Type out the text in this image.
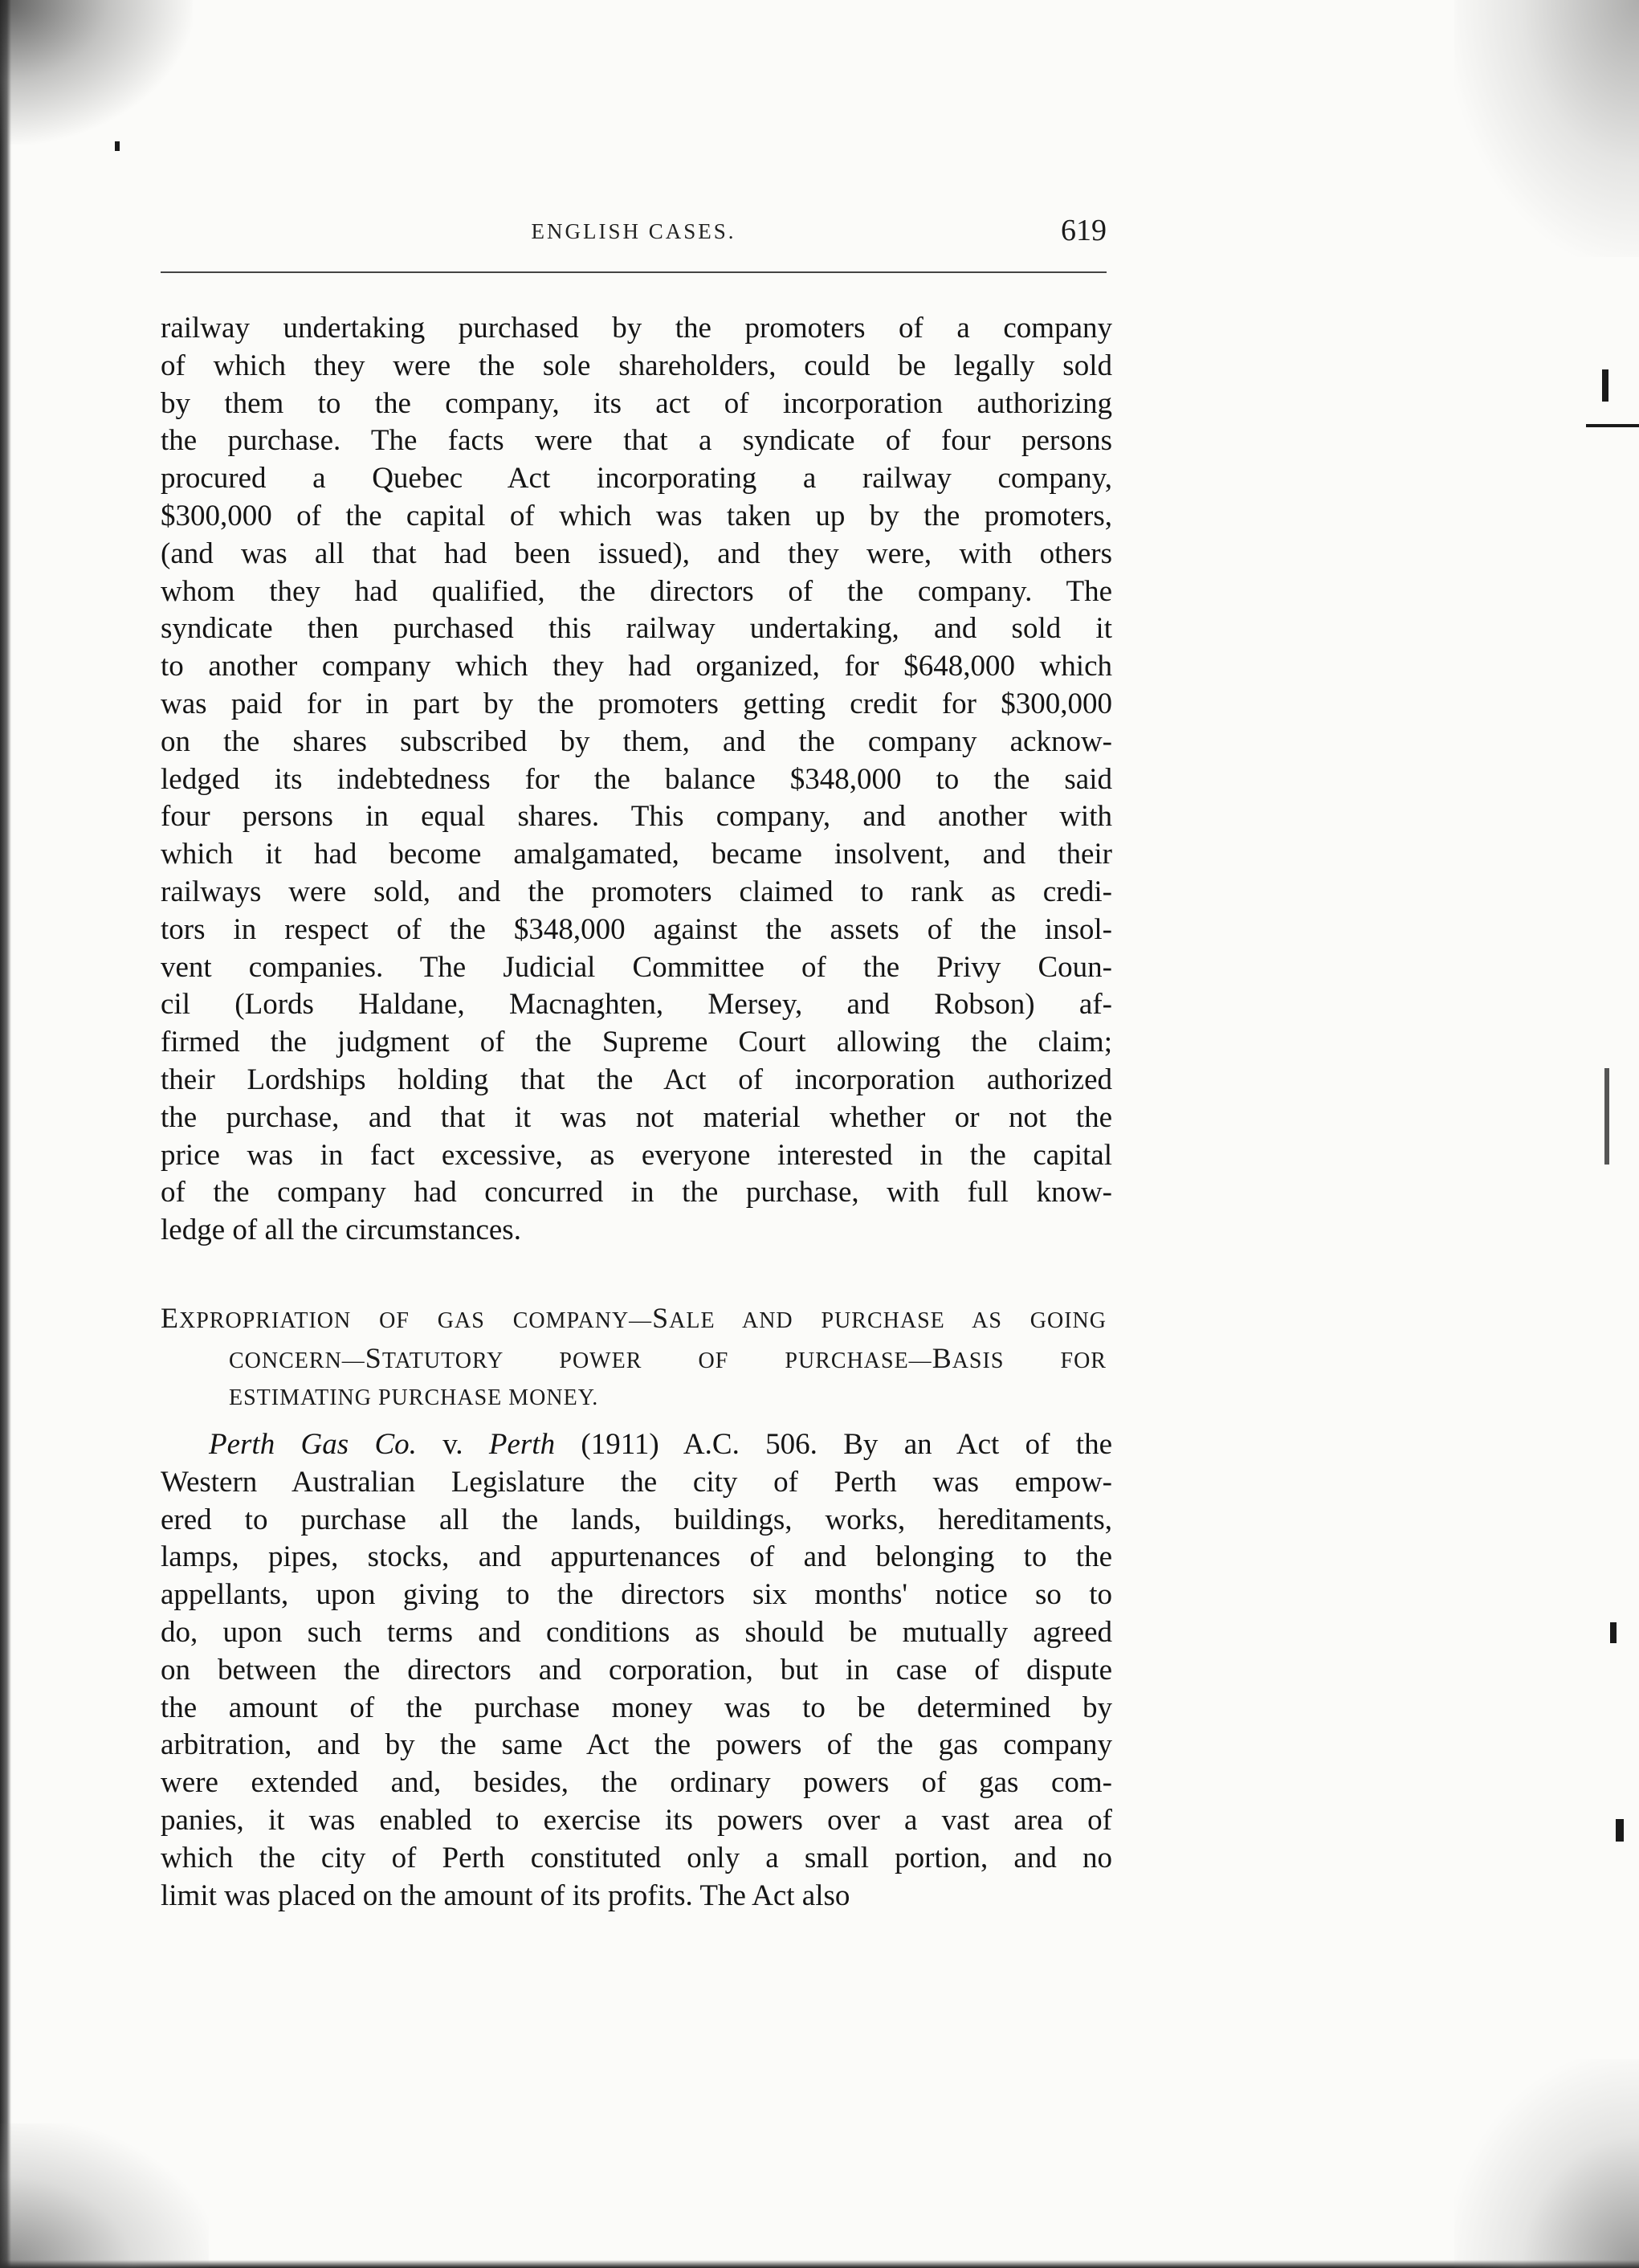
ENGLISH CASES.	619
railway undertaking purchased by the promoters of a company
of which they were the sole shareholders, could be legally sold
by them to the company, its act of incorporation authorizing
the purchase. The facts were that a syndicate of four persons
procured a Quebec Act incorporating a railway company,
$300,000 of the capital of which was taken up by the promoters,
(and was all that had been issued), and they were, with others
whom they had qualified, the directors of the company. The
syndicate then purchased this railway undertaking, and sold it
to another company which they had organized, for $648,000 which
was paid for in part by the promoters getting credit for $300,000
on the shares subscribed by them, and the company acknow-
ledged its indebtedness for the balance $348,000 to the said
four persons in equal shares. This company, and another with
which it had become amalgamated, became insolvent, and their
railways were sold, and the promoters claimed to rank as credi-
tors in respect of the $348,000 against the assets of the insol-
vent companies. The Judicial Committee of the Privy Coun-
cil (Lords Haldane, Macnaghten, Mersey, and Robson) af-
firmed the judgment of the Supreme Court allowing the claim;
their Lordships holding that the Act of incorporation authorized
the purchase, and that it was not material whether or not the
price was in fact excessive, as everyone interested in the capital
of the company had concurred in the purchase, with full know-
ledge of all the circumstances.
EXPROPRIATION OF GAS COMPANY—SALE AND PURCHASE AS GOING
CONCERN—STATUTORY POWER OF PURCHASE—BASIS FOR
ESTIMATING PURCHASE MONEY.
Perth Gas Co. v. Perth (1911) A.C. 506. By an Act of the
Western Australian Legislature the city of Perth was empow-
ered to purchase all the lands, buildings, works, hereditaments,
lamps, pipes, stocks, and appurtenances of and belonging to the
appellants, upon giving to the directors six months' notice so to
do, upon such terms and conditions as should be mutually agreed
on between the directors and corporation, but in case of dispute
the amount of the purchase money was to be determined by
arbitration, and by the same Act the powers of the gas company
were extended and, besides, the ordinary powers of gas com-
panies, it was enabled to exercise its powers over a vast area of
which the city of Perth constituted only a small portion, and no
limit was placed on the amount of its profits. The Act also
